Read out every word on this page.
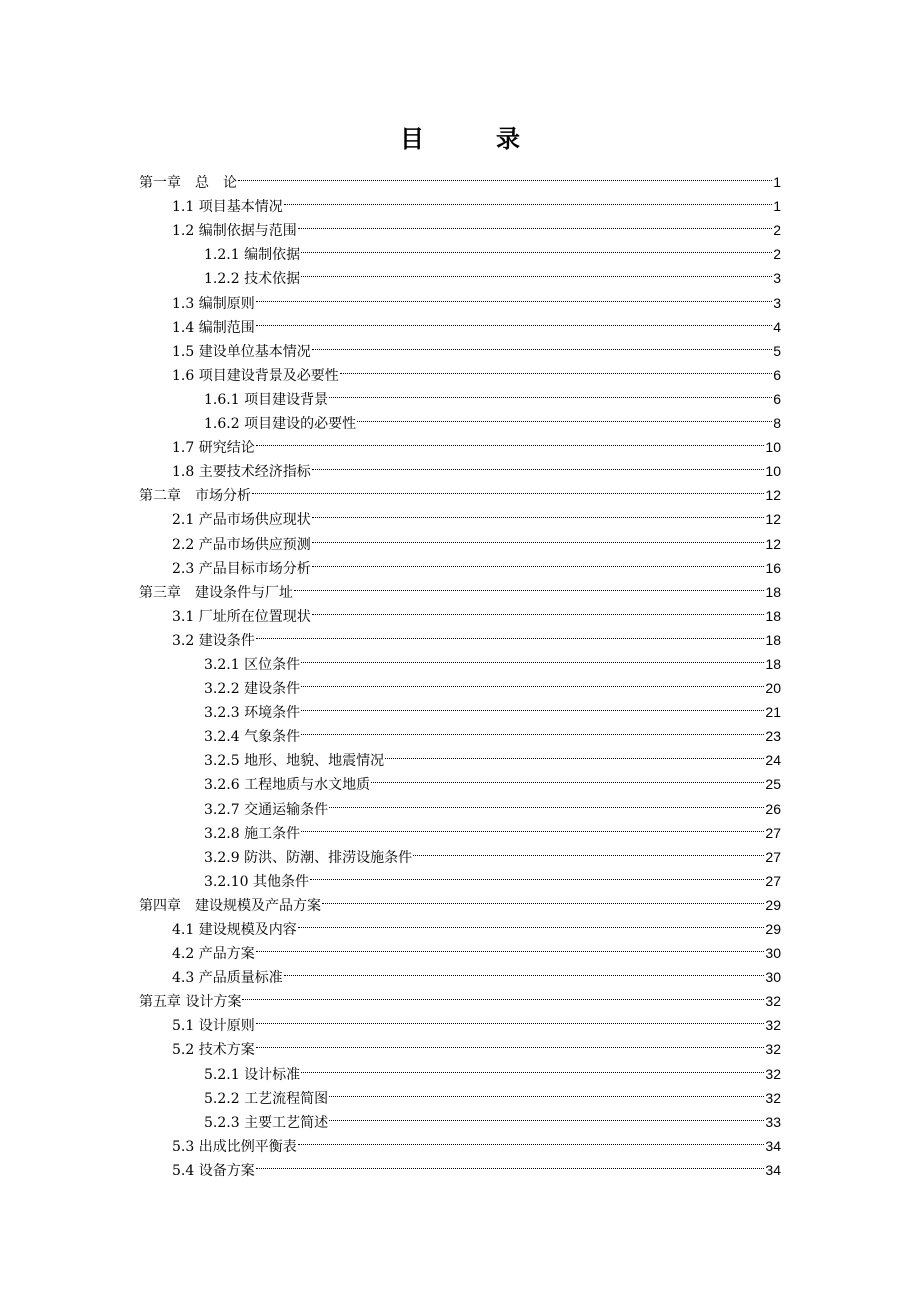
目　录
第一章　总　论	1
1.1 项目基本情况	1
1.2 编制依据与范围	2
1.2.1 编制依据	2
1.2.2 技术依据	3
1.3 编制原则	3
1.4 编制范围	4
1.5 建设单位基本情况	5
1.6 项目建设背景及必要性	6
1.6.1 项目建设背景	6
1.6.2 项目建设的必要性	8
1.7 研究结论	10
1.8 主要技术经济指标	10
第二章　市场分析	12
2.1 产品市场供应现状	12
2.2 产品市场供应预测	12
2.3 产品目标市场分析	16
第三章　建设条件与厂址	18
3.1 厂址所在位置现状	18
3.2 建设条件	18
3.2.1 区位条件	18
3.2.2 建设条件	20
3.2.3 环境条件	21
3.2.4 气象条件	23
3.2.5 地形、地貌、地震情况	24
3.2.6 工程地质与水文地质	25
3.2.7 交通运输条件	26
3.2.8 施工条件	27
3.2.9 防洪、防潮、排涝设施条件	27
3.2.10 其他条件	27
第四章　建设规模及产品方案	29
4.1 建设规模及内容	29
4.2 产品方案	30
4.3 产品质量标准	30
第五章 设计方案	32
5.1 设计原则	32
5.2 技术方案	32
5.2.1 设计标准	32
5.2.2 工艺流程简图	32
5.2.3 主要工艺简述	33
5.3 出成比例平衡表	34
5.4 设备方案	34
